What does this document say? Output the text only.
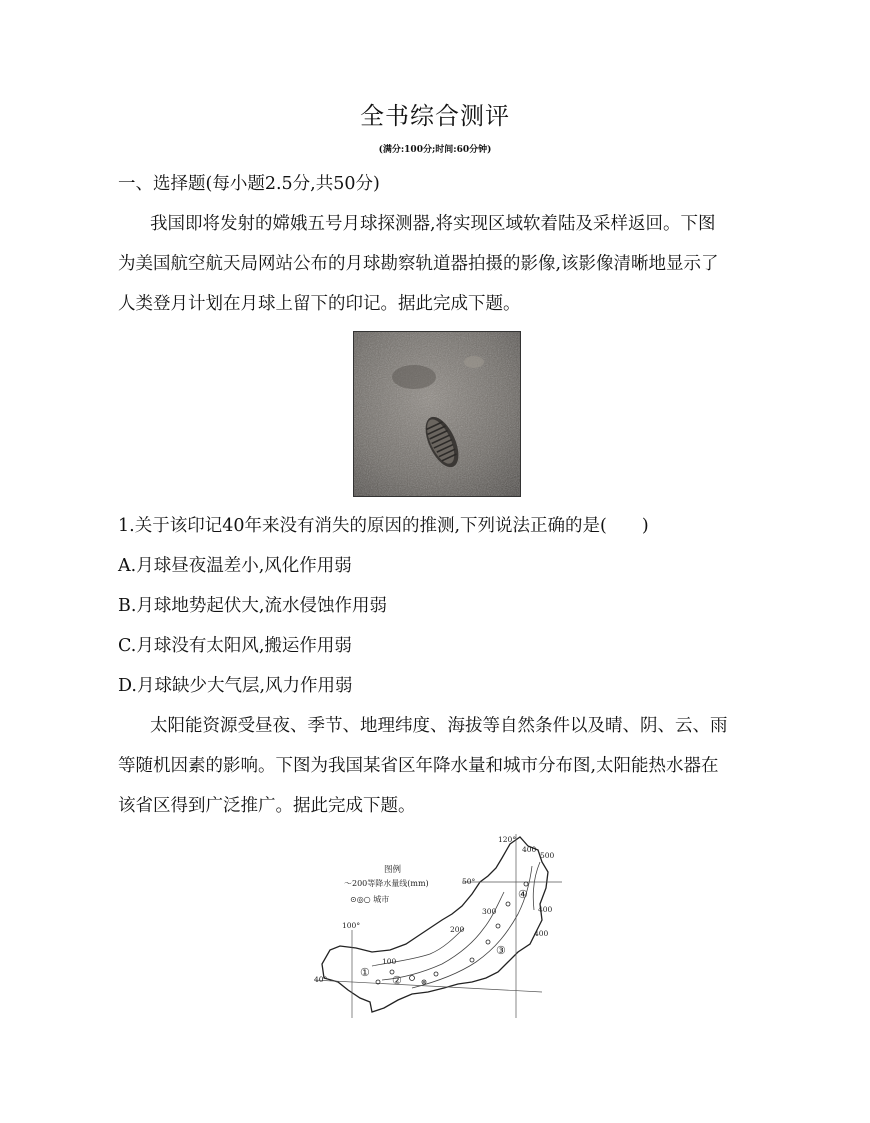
全书综合测评
(满分:100分;时间:60分钟)
一、选择题(每小题2.5分,共50分)
我国即将发射的嫦娥五号月球探测器,将实现区域软着陆及采样返回。下图
为美国航空航天局网站公布的月球勘察轨道器拍摄的影像,该影像清晰地显示了
人类登月计划在月球上留下的印记。据此完成下题。
1.关于该印记40年来没有消失的原因的推测,下列说法正确的是(　　)
A.月球昼夜温差小,风化作用弱
B.月球地势起伏大,流水侵蚀作用弱
C.月球没有太阳风,搬运作用弱
D.月球缺少大气层,风力作用弱
太阳能资源受昼夜、季节、地理纬度、海拔等自然条件以及晴、阴、云、雨
等随机因素的影响。下图为我国某省区年降水量和城市分布图,太阳能热水器在
该省区得到广泛推广。据此完成下题。
图例
～200等降水量线(mm)
⊙◎○ 城市
120°
400
500
50°
400
400
300
200
100
100°
40°
①
②
③
④
